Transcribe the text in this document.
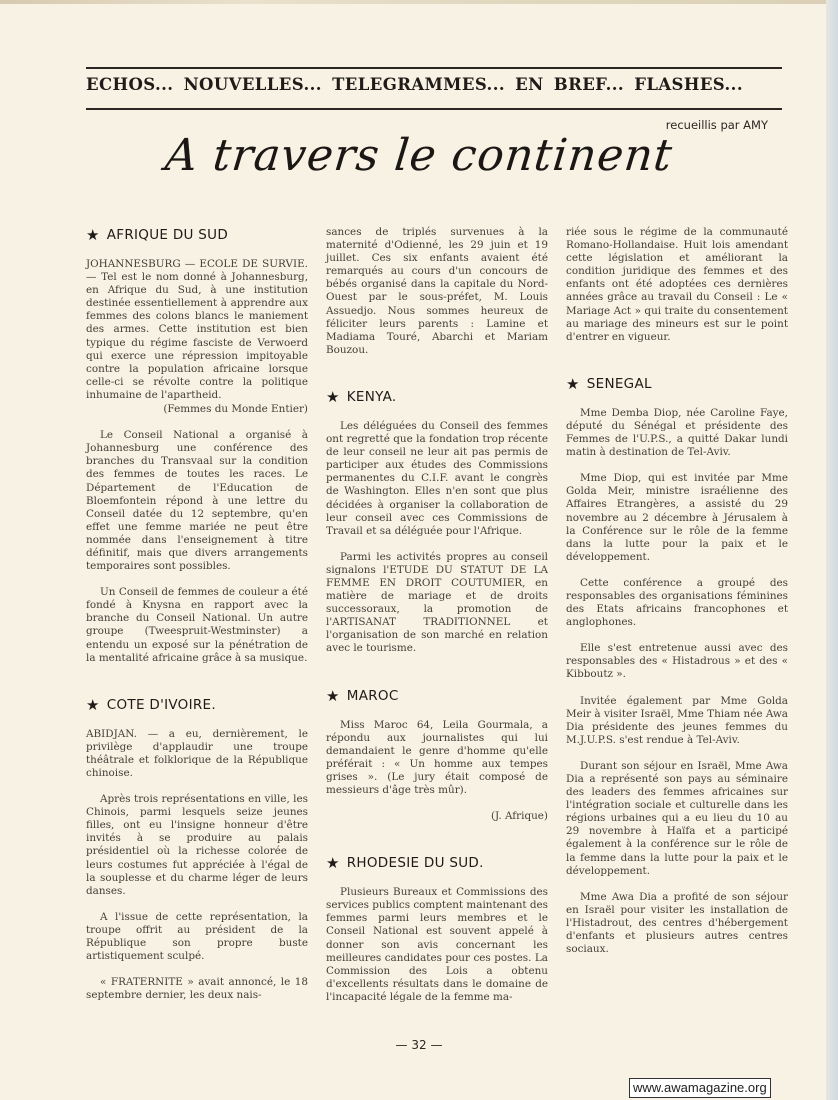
ECHOS... NOUVELLES... TELEGRAMMES... EN BREF... FLASHES...
recueillis par AMY
A travers le continent
★ AFRIQUE DU SUD

JOHANNESBURG — ECOLE DE SURVIE. — Tel est le nom donné à Johannesburg, en Afrique du Sud, à une institution destinée essentiellement à apprendre aux femmes des colons blancs le maniement des armes. Cette institution est bien typique du régime fasciste de Verwoerd qui exerce une répression impitoyable contre la population africaine lorsque celle-ci se révolte contre la politique inhumaine de l'apartheid.

(Femmes du Monde Entier)

Le Conseil National a organisé à Johannesburg une conférence des branches du Transvaal sur la condition des femmes de toutes les races. Le Département de l'Education de Bloemfontein répond à une lettre du Conseil datée du 12 septembre, qu'en effet une femme mariée ne peut être nommée dans l'enseignement à titre définitif, mais que divers arrangements temporaires sont possibles.

Un Conseil de femmes de couleur a été fondé à Knysna en rapport avec la branche du Conseil National. Un autre groupe (Tweespruit-Westminster) a entendu un exposé sur la pénétration de la mentalité africaine grâce à sa musique.

★ COTE D'IVOIRE.

ABIDJAN. — a eu, dernièrement, le privilège d'applaudir une troupe théâtrale et folklorique de la République chinoise.

Après trois représentations en ville, les Chinois, parmi lesquels seize jeunes filles, ont eu l'insigne honneur d'être invités à se produire au palais présidentiel où la richesse colorée de leurs costumes fut appréciée à l'égal de la souplesse et du charme léger de leurs danses.

A l'issue de cette représentation, la troupe offrit au président de la République son propre buste artistiquement sculpé.

« FRATERNITE » avait annoncé, le 18 septembre dernier, les deux nais-

sances de triplés survenues à la maternité d'Odienné, les 29 juin et 19 juillet. Ces six enfants avaient été remarqués au cours d'un concours de bébés organisé dans la capitale du Nord-Ouest par le sous-préfet, M. Louis Assuedjo. Nous sommes heureux de féliciter leurs parents : Lamine et Madiama Touré, Abarchi et Mariam Bouzou.

★ KENYA.

Les déléguées du Conseil des femmes ont regretté que la fondation trop récente de leur conseil ne leur ait pas permis de participer aux études des Commissions permanentes du C.I.F. avant le congrès de Washington. Elles n'en sont que plus décidées à organiser la collaboration de leur conseil avec ces Commissions de Travail et sa déléguée pour l'Afrique.

Parmi les activités propres au conseil signalons l'ETUDE DU STATUT DE LA FEMME EN DROIT COUTUMIER, en matière de mariage et de droits successoraux, la promotion de l'ARTISANAT TRADITIONNEL et l'organisation de son marché en relation avec le tourisme.

★ MAROC

Miss Maroc 64, Leila Gourmala, a répondu aux journalistes qui lui demandaient le genre d'homme qu'elle préférait : « Un homme aux tempes grises ». (Le jury était composé de messieurs d'âge très mûr).

(J. Afrique)

★ RHODESIE DU SUD.

Plusieurs Bureaux et Commissions des services publics comptent maintenant des femmes parmi leurs membres et le Conseil National est souvent appelé à donner son avis concernant les meilleures candidates pour ces postes. La Commission des Lois a obtenu d'excellents résultats dans le domaine de l'incapacité légale de la femme ma-

riée sous le régime de la communauté Romano-Hollandaise. Huit lois amendant cette législation et améliorant la condition juridique des femmes et des enfants ont été adoptées ces dernières années grâce au travail du Conseil : Le « Mariage Act » qui traite du consentement au mariage des mineurs est sur le point d'entrer en vigueur.

★ SENEGAL

Mme Demba Diop, née Caroline Faye, député du Sénégal et présidente des Femmes de l'U.P.S., a quitté Dakar lundi matin à destination de Tel-Aviv.

Mme Diop, qui est invitée par Mme Golda Meir, ministre israélienne des Affaires Etrangères, a assisté du 29 novembre au 2 décembre à Jérusalem à la Conférence sur le rôle de la femme dans la lutte pour la paix et le développement.

Cette conférence a groupé des responsables des organisations féminines des Etats africains francophones et anglophones.

Elle s'est entretenue aussi avec des responsables des « Histadrous » et des « Kibboutz ».

Invitée également par Mme Golda Meir à visiter Israël, Mme Thiam née Awa Dia présidente des jeunes femmes du M.J.U.P.S. s'est rendue à Tel-Aviv.

Durant son séjour en Israël, Mme Awa Dia a représenté son pays au séminaire des leaders des femmes africaines sur l'intégration sociale et culturelle dans les régions urbaines qui a eu lieu du 10 au 29 novembre à Haïfa et a participé également à la conférence sur le rôle de la femme dans la lutte pour la paix et le développement.

Mme Awa Dia a profité de son séjour en Israël pour visiter les installation de l'Histadrout, des centres d'hébergement d'enfants et plusieurs autres centres sociaux.

— 32 —
www.awamagazine.org
